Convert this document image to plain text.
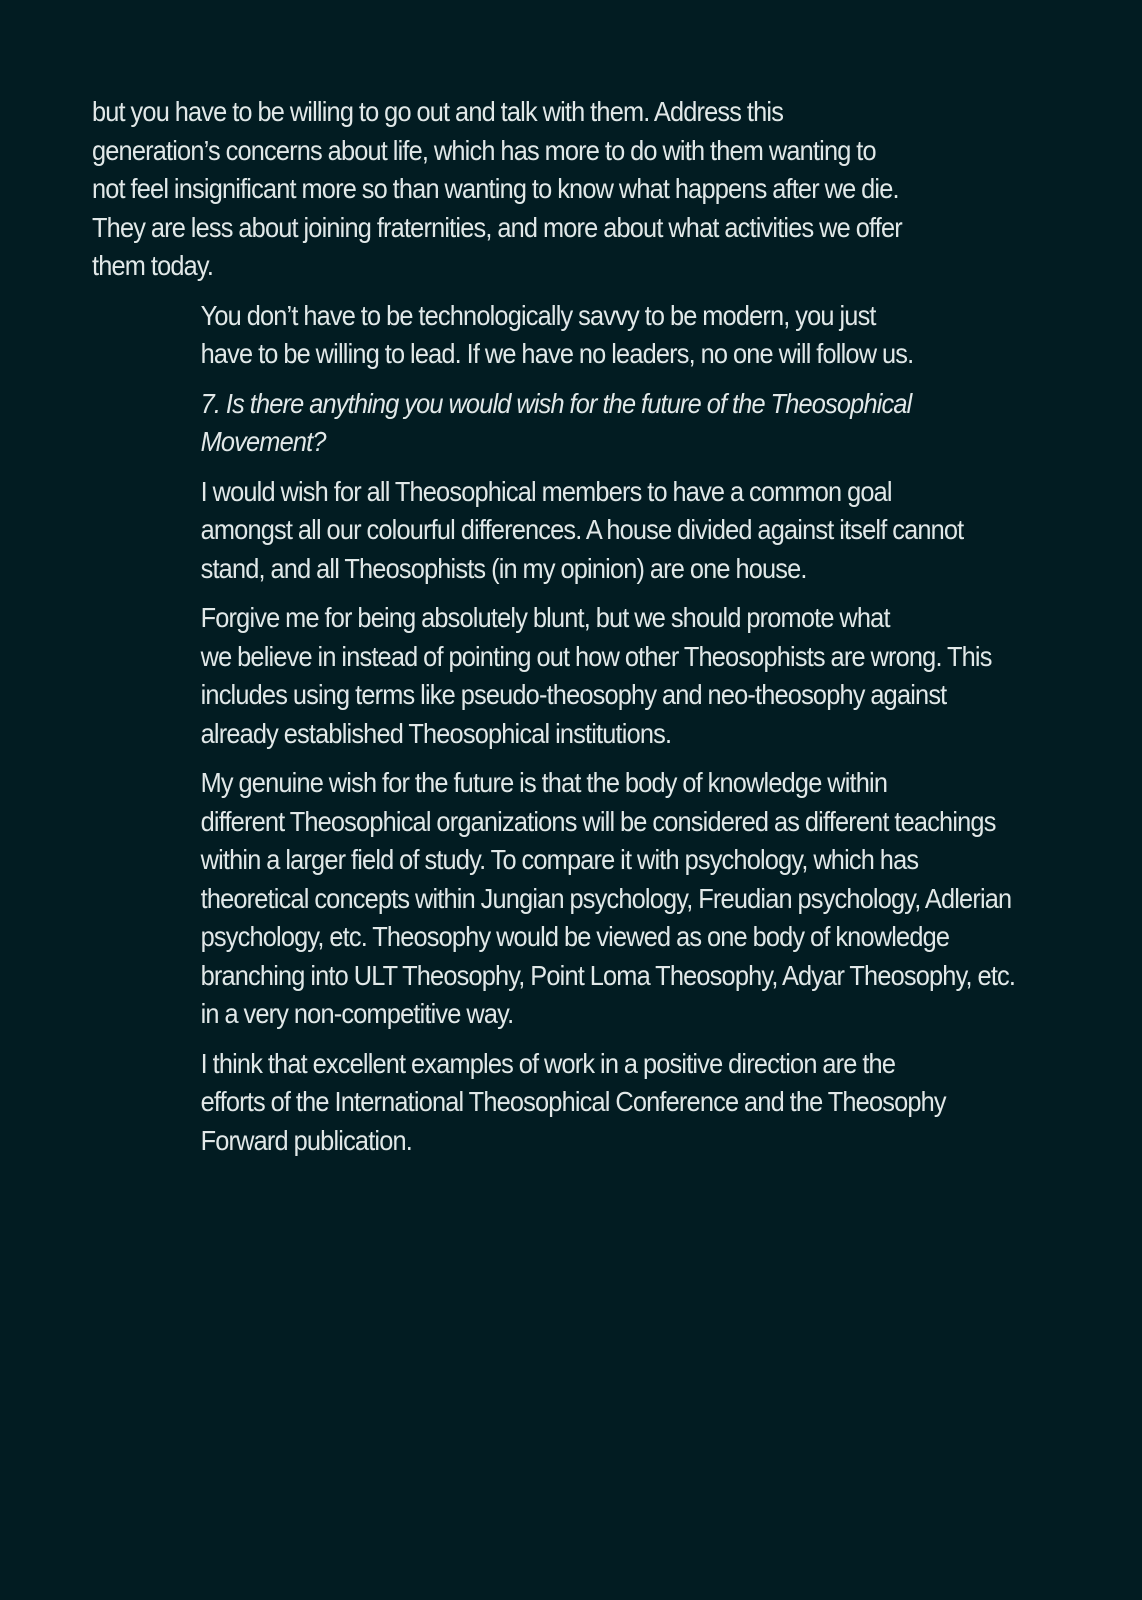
but you have to be willing to go out and talk with them. Address this
generation’s concerns about life, which has more to do with them wanting to
not feel insignificant more so than wanting to know what happens after we die.
They are less about joining fraternities, and more about what activities we offer
them today.

You don’t have to be technologically savvy to be modern, you just
have to be willing to lead. If we have no leaders, no one will follow us.

7. Is there anything you would wish for the future of the Theosophical
Movement?

I would wish for all Theosophical members to have a common goal
amongst all our colourful differences. A house divided against itself cannot
stand, and all Theosophists (in my opinion) are one house.

Forgive me for being absolutely blunt, but we should promote what
we believe in instead of pointing out how other Theosophists are wrong. This
includes using terms like pseudo-theosophy and neo-theosophy against
already established Theosophical institutions.

My genuine wish for the future is that the body of knowledge within
different Theosophical organizations will be considered as different teachings
within a larger field of study. To compare it with psychology, which has
theoretical concepts within Jungian psychology, Freudian psychology, Adlerian
psychology, etc. Theosophy would be viewed as one body of knowledge
branching into ULT Theosophy, Point Loma Theosophy, Adyar Theosophy, etc.
in a very non-competitive way.

I think that excellent examples of work in a positive direction are the
efforts of the International Theosophical Conference and the Theosophy
Forward publication.
